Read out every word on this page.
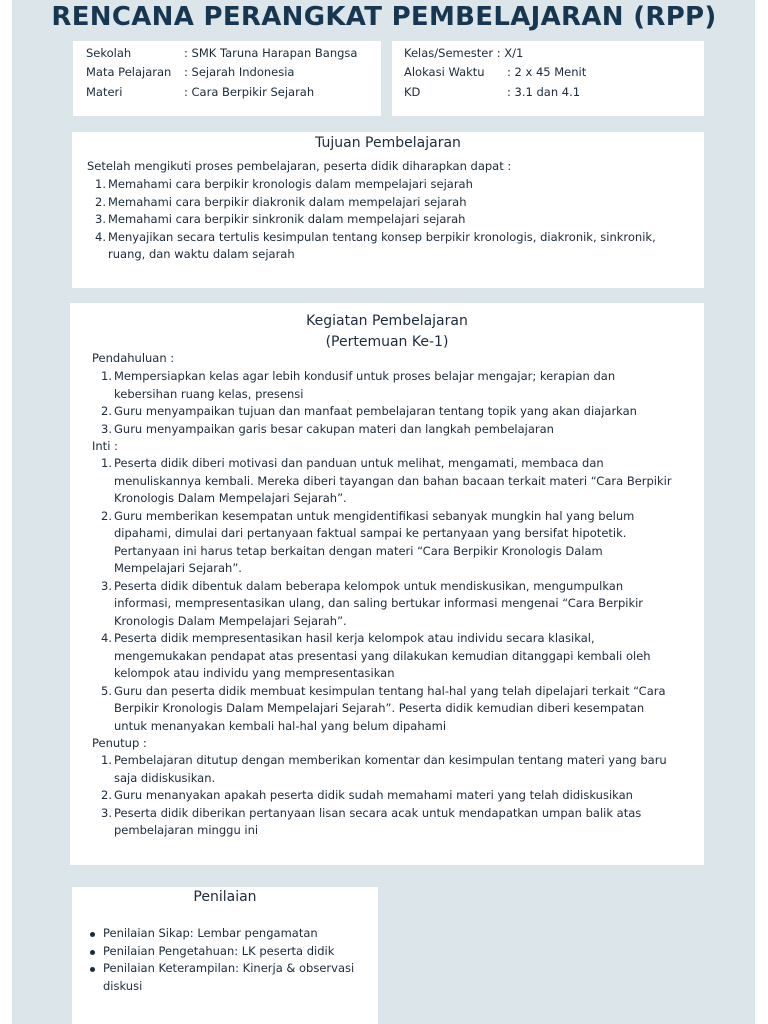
RENCANA PERANGKAT PEMBELAJARAN (RPP)
Sekolah	: SMK Taruna Harapan Bangsa
Mata Pelajaran : Sejarah Indonesia
Materi	: Cara Berpikir Sejarah
Kelas/Semester : X/1
Alokasi Waktu : 2 x 45 Menit
KD	: 3.1 dan 4.1
Tujuan Pembelajaran
Setelah mengikuti proses pembelajaran, peserta didik diharapkan dapat :
1. Memahami cara berpikir kronologis dalam mempelajari sejarah
2. Memahami cara berpikir diakronik dalam mempelajari sejarah
3. Memahami cara berpikir sinkronik dalam mempelajari sejarah
4. Menyajikan secara tertulis kesimpulan tentang konsep berpikir kronologis, diakronik, sinkronik, ruang, dan waktu dalam sejarah
Kegiatan Pembelajaran
(Pertemuan Ke-1)
Pendahuluan :
1. Mempersiapkan kelas agar lebih kondusif untuk proses belajar mengajar; kerapian dan kebersihan ruang kelas, presensi
2. Guru menyampaikan tujuan dan manfaat pembelajaran tentang topik yang akan diajarkan
3. Guru menyampaikan garis besar cakupan materi dan langkah pembelajaran
Inti :
1. Peserta didik diberi motivasi dan panduan untuk melihat, mengamati, membaca dan menuliskannya kembali. Mereka diberi tayangan dan bahan bacaan terkait materi “Cara Berpikir Kronologis Dalam Mempelajari Sejarah”.
2. Guru memberikan kesempatan untuk mengidentifikasi sebanyak mungkin hal yang belum dipahami, dimulai dari pertanyaan faktual sampai ke pertanyaan yang bersifat hipotetik. Pertanyaan ini harus tetap berkaitan dengan materi “Cara Berpikir Kronologis Dalam Mempelajari Sejarah”.
3. Peserta didik dibentuk dalam beberapa kelompok untuk mendiskusikan, mengumpulkan informasi, mempresentasikan ulang, dan saling bertukar informasi mengenai “Cara Berpikir Kronologis Dalam Mempelajari Sejarah”.
4. Peserta didik mempresentasikan hasil kerja kelompok atau individu secara klasikal, mengemukakan pendapat atas presentasi yang dilakukan kemudian ditanggapi kembali oleh kelompok atau individu yang mempresentasikan
5. Guru dan peserta didik membuat kesimpulan tentang hal-hal yang telah dipelajari terkait “Cara Berpikir Kronologis Dalam Mempelajari Sejarah”. Peserta didik kemudian diberi kesempatan untuk menanyakan kembali hal-hal yang belum dipahami
Penutup :
1. Pembelajaran ditutup dengan memberikan komentar dan kesimpulan tentang materi yang baru saja didiskusikan.
2. Guru menanyakan apakah peserta didik sudah memahami materi yang telah didiskusikan
3. Peserta didik diberikan pertanyaan lisan secara acak untuk mendapatkan umpan balik atas pembelajaran minggu ini
Penilaian
Penilaian Sikap: Lembar pengamatan
Penilaian Pengetahuan: LK peserta didik
Penilaian Keterampilan: Kinerja & observasi diskusi
